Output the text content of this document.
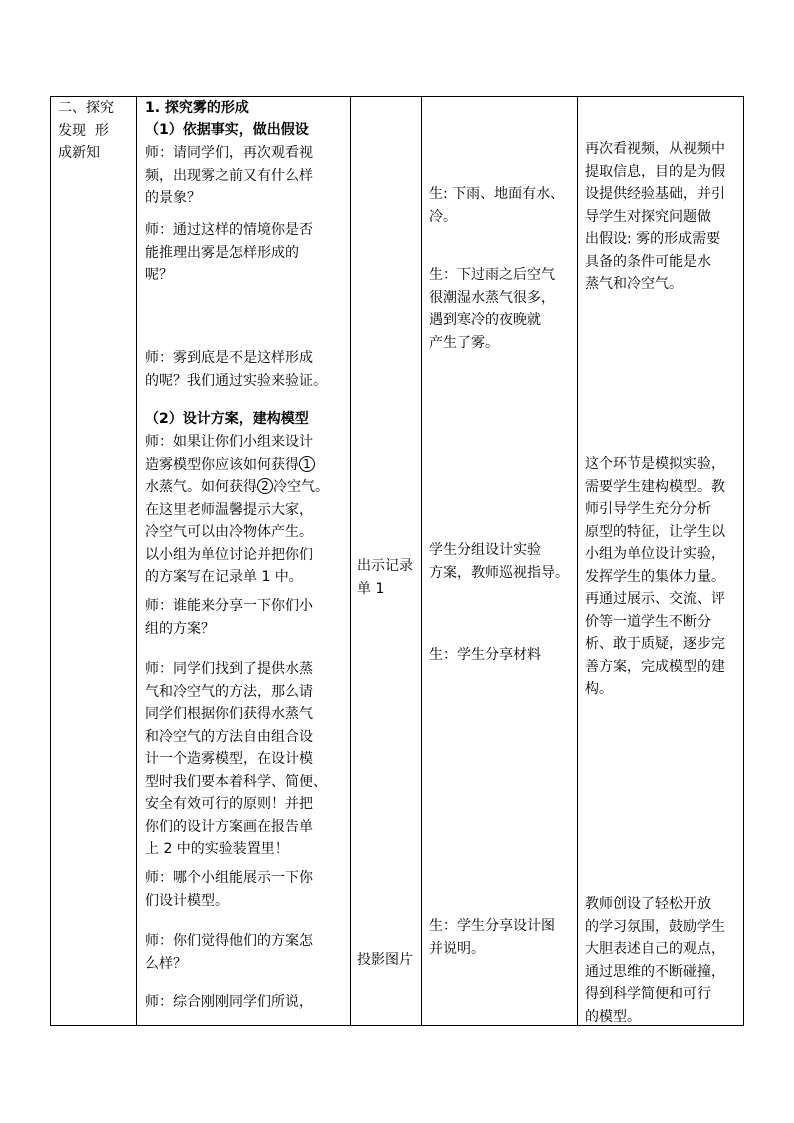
二、探究
发现  形
成新知
1. 探究雾的形成
（1）依据事实，做出假设
师：请同学们，再次观看视
频，出现雾之前又有什么样
的景象？
师：通过这样的情境你是否
能推理出雾是怎样形成的
呢？
师：雾到底是不是这样形成
的呢？我们通过实验来验证。
（2）设计方案，建构模型
师：如果让你们小组来设计
造雾模型你应该如何获得 1
水蒸气。如何获得 2 冷空气。
在这里老师温馨提示大家，
冷空气可以由冷物体产生。
以小组为单位讨论并把你们
的方案写在记录单 1 中。
师：谁能来分享一下你们小
组的方案？
师：同学们找到了提供水蒸
气和冷空气的方法，那么请
同学们根据你们获得水蒸气
和冷空气的方法自由组合设
计一个造雾模型，在设计模
型时我们要本着科学、简便、
安全有效可行的原则！并把
你们的设计方案画在报告单
上 2 中的实验装置里！
师：哪个小组能展示一下你
们设计模型。
师：你们觉得他们的方案怎
么样？
师：综合刚刚同学们所说，
出示记录
单 1
投影图片
生: 下雨、地面有水、
冷。
生：下过雨之后空气
很潮湿水蒸气很多，
遇到寒冷的夜晚就
产生了雾。
学生分组设计实验
方案，教师巡视指导。
生：学生分享材料
生：学生分享设计图
并说明。
再次看视频，从视频中
提取信息，目的是为假
设提供经验基础，并引
导学生对探究问题做
出假设: 雾的形成需要
具备的条件可能是水
蒸气和冷空气。
这个环节是模拟实验，
需要学生建构模型。教
师引导学生充分分析
原型的特征，让学生以
小组为单位设计实验，
发挥学生的集体力量。
再通过展示、交流、评
价等一道学生不断分
析、敢于质疑，逐步完
善方案，完成模型的建
构。
教师创设了轻松开放
的学习氛围，鼓励学生
大胆表述自己的观点，
通过思维的不断碰撞，
得到科学简便和可行
的模型。
